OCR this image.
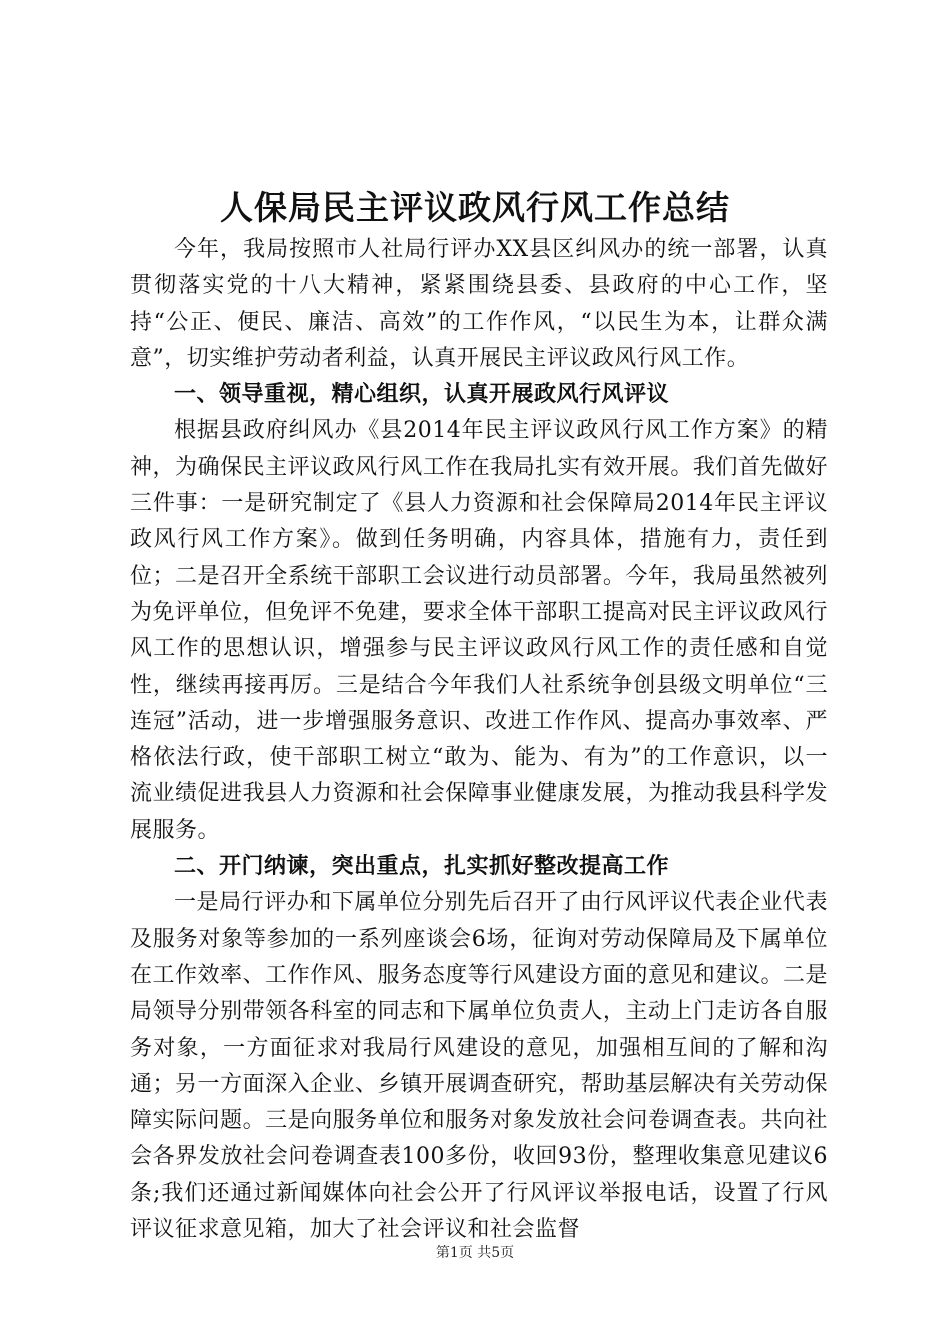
人保局民主评议政风行风工作总结

今年，我局按照市人社局行评办XX县区纠风办的统一部署，认真贯彻落实党的十八大精神，紧紧围绕县委、县政府的中心工作，坚持“公正、便民、廉洁、高效”的工作作风，“以民生为本，让群众满意”，切实维护劳动者利益，认真开展民主评议政风行风工作。

一、领导重视，精心组织，认真开展政风行风评议

根据县政府纠风办《县2014年民主评议政风行风工作方案》的精神，为确保民主评议政风行风工作在我局扎实有效开展。我们首先做好三件事：一是研究制定了《县人力资源和社会保障局2014年民主评议政风行风工作方案》。做到任务明确，内容具体，措施有力，责任到位；二是召开全系统干部职工会议进行动员部署。今年，我局虽然被列为免评单位，但免评不免建，要求全体干部职工提高对民主评议政风行风工作的思想认识，增强参与民主评议政风行风工作的责任感和自觉性，继续再接再厉。三是结合今年我们人社系统争创县级文明单位“三连冠”活动，进一步增强服务意识、改进工作作风、提高办事效率、严格依法行政，使干部职工树立“敢为、能为、有为”的工作意识，以一流业绩促进我县人力资源和社会保障事业健康发展，为推动我县科学发展服务。

二、开门纳谏，突出重点，扎实抓好整改提高工作

一是局行评办和下属单位分别先后召开了由行风评议代表企业代表及服务对象等参加的一系列座谈会6场，征询对劳动保障局及下属单位在工作效率、工作作风、服务态度等行风建设方面的意见和建议。二是局领导分别带领各科室的同志和下属单位负责人，主动上门走访各自服务对象，一方面征求对我局行风建设的意见，加强相互间的了解和沟通；另一方面深入企业、乡镇开展调查研究，帮助基层解决有关劳动保障实际问题。三是向服务单位和服务对象发放社会问卷调查表。共向社会各界发放社会问卷调查表100多份，收回93份，整理收集意见建议6条;我们还通过新闻媒体向社会公开了行风评议举报电话，设置了行风评议征求意见箱，加大了社会评议和社会监督

第1页 共5页
